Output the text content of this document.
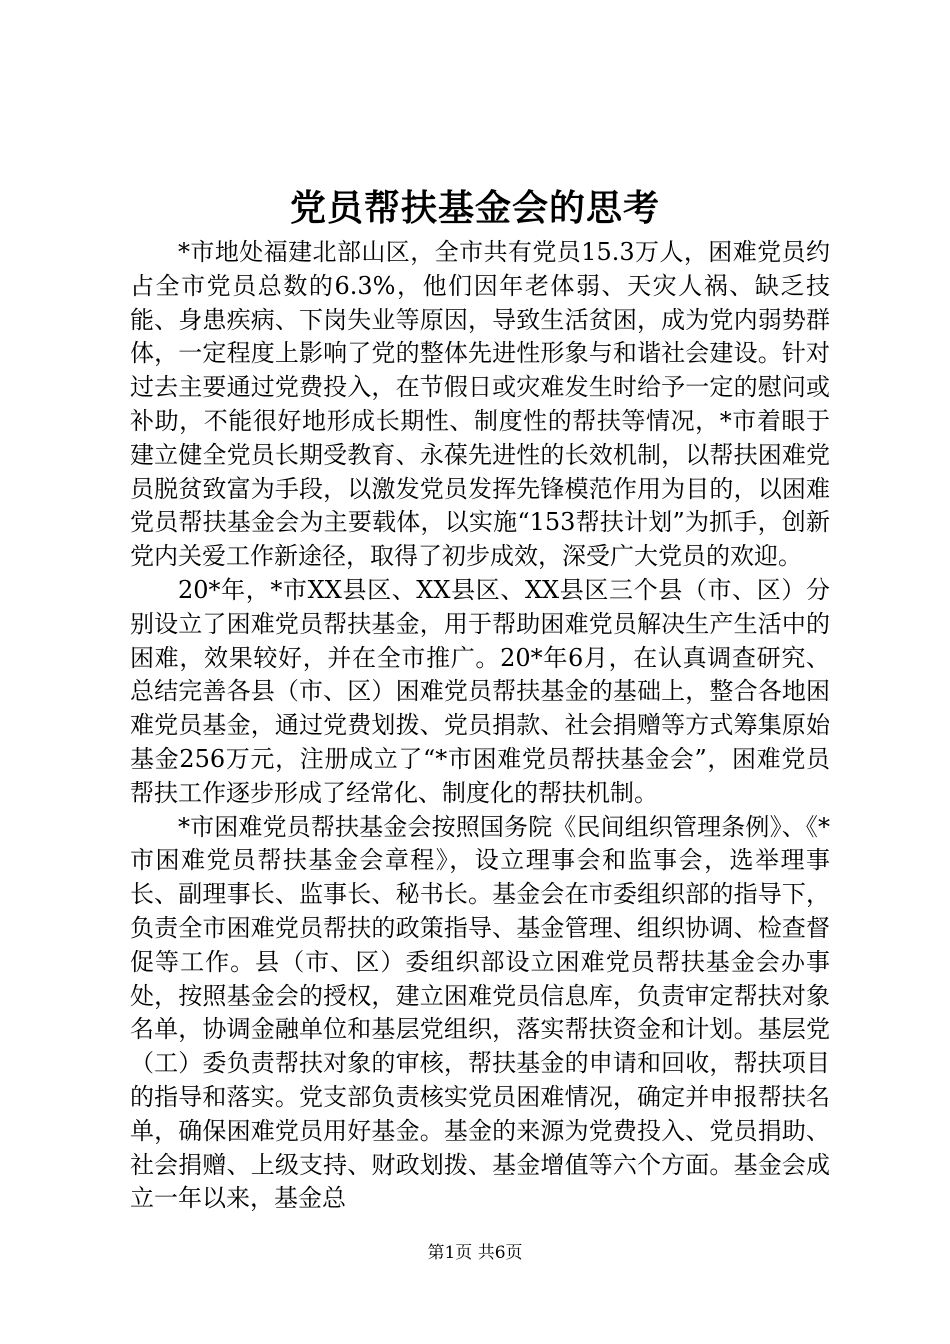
党员帮扶基金会的思考

*市地处福建北部山区，全市共有党员15.3万人，困难党员约占全市党员总数的6.3%，他们因年老体弱、天灾人祸、缺乏技能、身患疾病、下岗失业等原因，导致生活贫困，成为党内弱势群体，一定程度上影响了党的整体先进性形象与和谐社会建设。针对过去主要通过党费投入，在节假日或灾难发生时给予一定的慰问或补助，不能很好地形成长期性、制度性的帮扶等情况，*市着眼于建立健全党员长期受教育、永葆先进性的长效机制，以帮扶困难党员脱贫致富为手段，以激发党员发挥先锋模范作用为目的，以困难党员帮扶基金会为主要载体，以实施“153帮扶计划”为抓手，创新党内关爱工作新途径，取得了初步成效，深受广大党员的欢迎。

20*年，*市XX县区、XX县区、XX县区三个县（市、区）分别设立了困难党员帮扶基金，用于帮助困难党员解决生产生活中的困难，效果较好，并在全市推广。20*年6月，在认真调查研究、总结完善各县（市、区）困难党员帮扶基金的基础上，整合各地困难党员基金，通过党费划拨、党员捐款、社会捐赠等方式筹集原始基金256万元，注册成立了“*市困难党员帮扶基金会”，困难党员帮扶工作逐步形成了经常化、制度化的帮扶机制。

*市困难党员帮扶基金会按照国务院《民间组织管理条例》、《*市困难党员帮扶基金会章程》，设立理事会和监事会，选举理事长、副理事长、监事长、秘书长。基金会在市委组织部的指导下，负责全市困难党员帮扶的政策指导、基金管理、组织协调、检查督促等工作。县（市、区）委组织部设立困难党员帮扶基金会办事处，按照基金会的授权，建立困难党员信息库，负责审定帮扶对象名单，协调金融单位和基层党组织，落实帮扶资金和计划。基层党（工）委负责帮扶对象的审核，帮扶基金的申请和回收，帮扶项目的指导和落实。党支部负责核实党员困难情况，确定并申报帮扶名单，确保困难党员用好基金。基金的来源为党费投入、党员捐助、社会捐赠、上级支持、财政划拨、基金增值等六个方面。基金会成立一年以来，基金总

第1页 共6页
